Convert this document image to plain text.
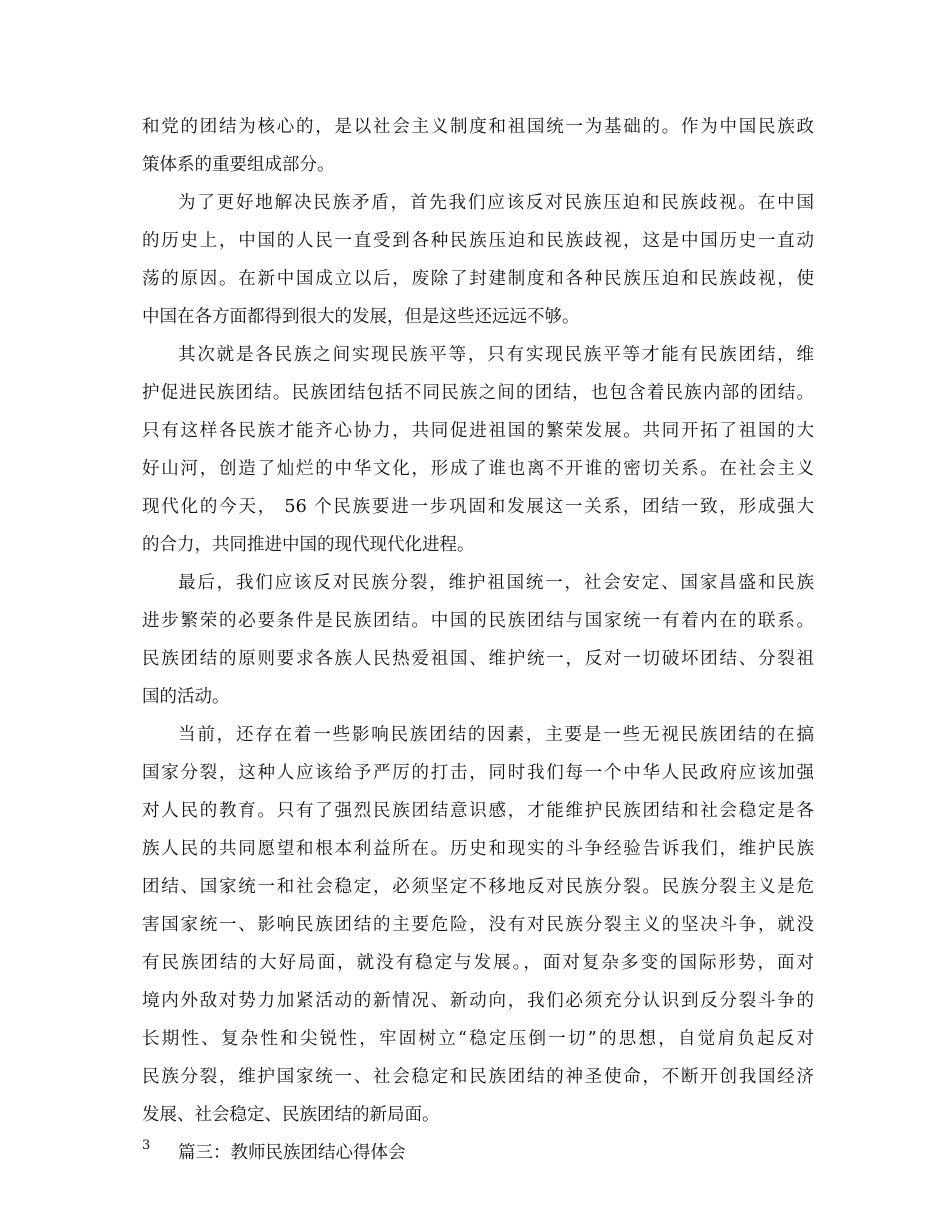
和党的团结为核心的，是以社会主义制度和祖国统一为基础的。作为中国民族政
策体系的重要组成部分。
为了更好地解决民族矛盾，首先我们应该反对民族压迫和民族歧视。在中国
的历史上，中国的人民一直受到各种民族压迫和民族歧视，这是中国历史一直动
荡的原因。在新中国成立以后，废除了封建制度和各种民族压迫和民族歧视，使
中国在各方面都得到很大的发展，但是这些还远远不够。
其次就是各民族之间实现民族平等，只有实现民族平等才能有民族团结，维
护促进民族团结。民族团结包括不同民族之间的团结，也包含着民族内部的团结。
只有这样各民族才能齐心协力，共同促进祖国的繁荣发展。共同开拓了祖国的大
好山河，创造了灿烂的中华文化，形成了谁也离不开谁的密切关系。在社会主义
现代化的今天， 56 个民族要进一步巩固和发展这一关系，团结一致，形成强大
的合力，共同推进中国的现代现代化进程。
最后，我们应该反对民族分裂，维护祖国统一，社会安定、国家昌盛和民族
进步繁荣的必要条件是民族团结。中国的民族团结与国家统一有着内在的联系。
民族团结的原则要求各族人民热爱祖国、维护统一，反对一切破坏团结、分裂祖
国的活动。
当前，还存在着一些影响民族团结的因素，主要是一些无视民族团结的在搞
国家分裂，这种人应该给予严厉的打击，同时我们每一个中华人民政府应该加强
对人民的教育。只有了强烈民族团结意识感，才能维护民族团结和社会稳定是各
族人民的共同愿望和根本利益所在。历史和现实的斗争经验告诉我们，维护民族
团结、国家统一和社会稳定，必须坚定不移地反对民族分裂。民族分裂主义是危
害国家统一、影响民族团结的主要危险，没有对民族分裂主义的坚决斗争，就没
有民族团结的大好局面，就没有稳定与发展。，面对复杂多变的国际形势，面对
境内外敌对势力加紧活动的新情况、新动向，我们必须充分认识到反分裂斗争的
长期性、复杂性和尖锐性，牢固树立“稳定压倒一切”的思想，自觉肩负起反对
民族分裂，维护国家统一、社会稳定和民族团结的神圣使命，不断开创我国经济
发展、社会稳定、民族团结的新局面。
篇三：教师民族团结心得体会
3
